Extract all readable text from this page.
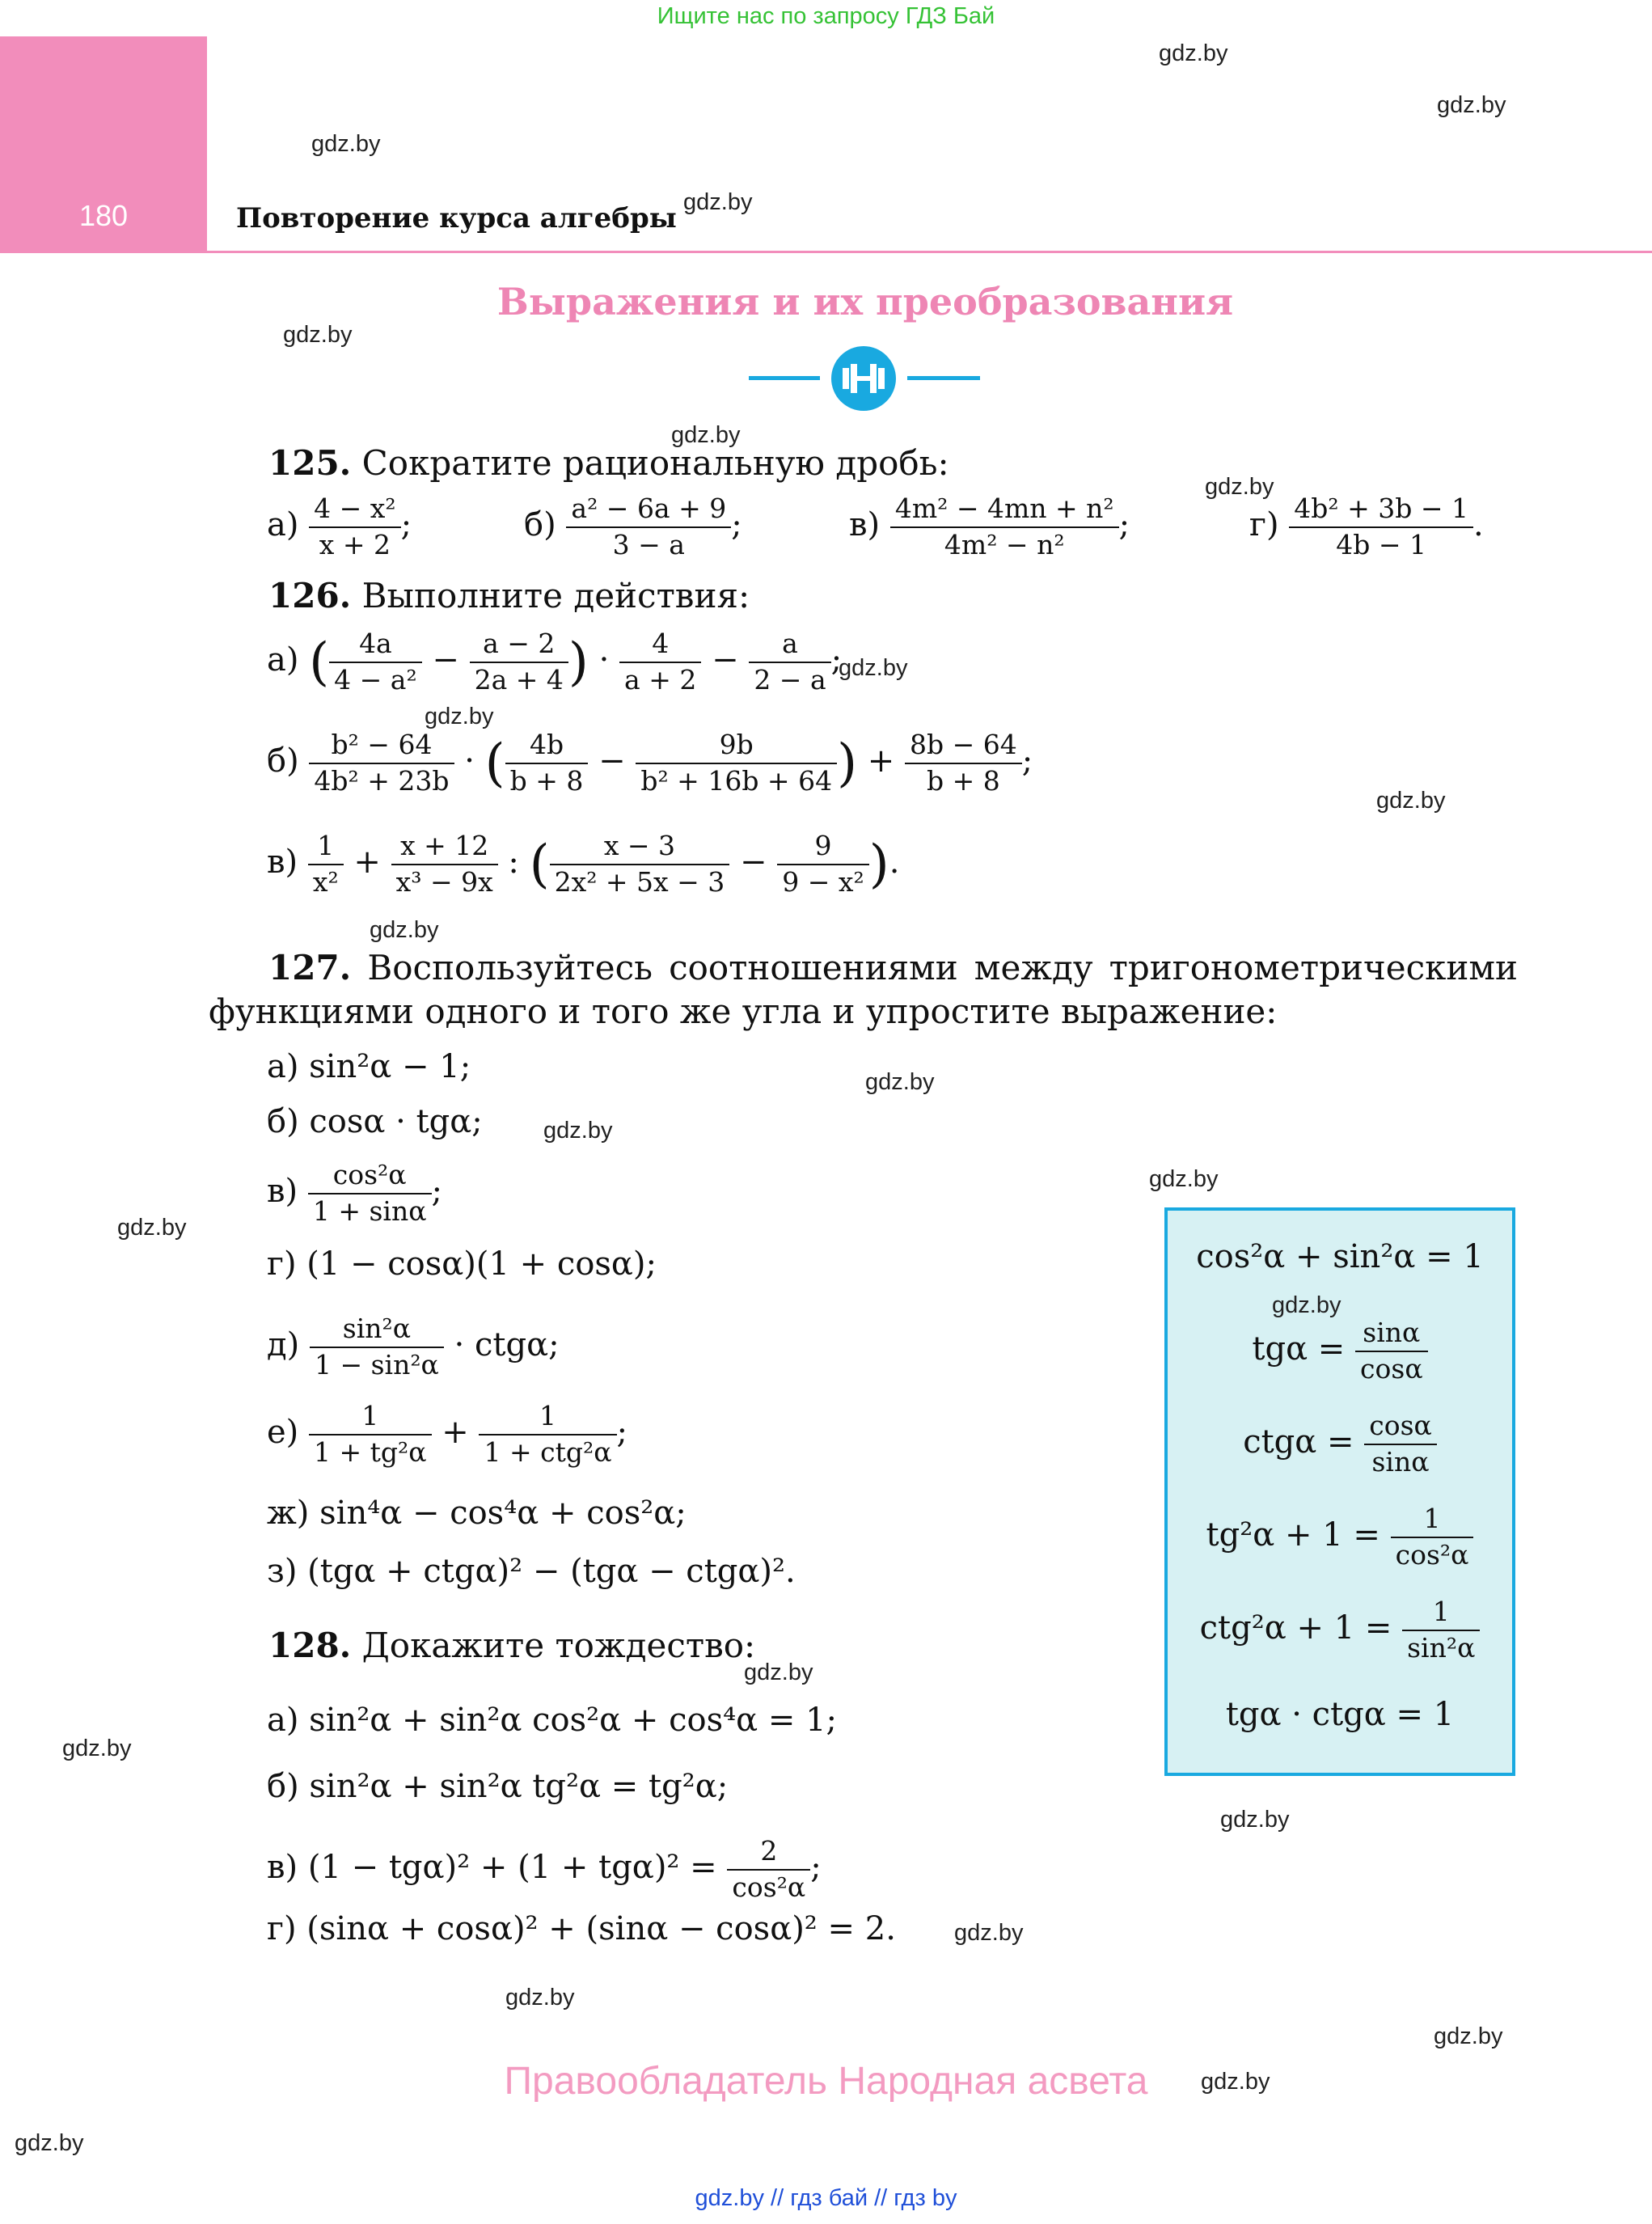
Ищите нас по запросу ГДЗ Бай
180	Повторение курса алгебры
Выражения и их преобразования
125. Сократите рациональную дробь:
$а) \frac{\text{4 − x²}}{x + 2}$ ;	$б) \frac{\text{a² − 6a + 9}}{3 - a}$ ;	$в) \frac{\text{4m² − 4mn + n²}}{\text{4m² − n²}}$ ;	$г) \frac{\text{4b² + 3b − 1}}{4b - 1}$ .
126. Выполните действия:
а) ( $\frac{4a}{\text{4 − a²}} - \frac{a - 2}{2a + 4}$ ) · $\frac{4}{a + 2} - \frac{a}{2 - a}$ ;
$б) \frac{\text{b² − 64}}{\text{4b² + 23b}}$ · ( $\frac{4b}{b + 8} - \frac{9b}{\text{b² + 16b + 64}}$ ) + $\frac{8b - 64}{b + 8}$ ;
$в) \frac{1}{\text{x²}} + \frac{x + 12}{\text{x³ − 9x}}$ : ( $\frac{x - 3}{\text{2x² + 5x − 3}} - \frac{9}{\text{9 − x²}}$ ).
127. Воспользуйтесь соотношениями между тригонометрическими
функциями одного и того же угла и упростите выражение:
а) sin²α − 1;
б) cosα · tgα;
$в) \frac{\text{cos²α}}{1 + \sin\alpha}$ ;
г) (1 − cosα)(1 + cosα);
$д) \frac{\text{sin²α}}{\text{1 − sin²α}} \cdot ctg\alpha$;
$е) \frac{1}{\text{1 + tg²α}} + \frac{1}{\text{1 + ctg²α}}$ ;
ж) sin⁴α − cos⁴α + cos²α;
з) (tgα + ctgα)² − (tgα − ctgα)².
128. Докажите тождество:
а) sin²α + sin²α cos²α + cos⁴α = 1;
б) sin²α + sin²α tg²α = tg²α;
в) $(1 - tg\alpha)^2 + (1 + tg\alpha)^2 = \frac{2}{\text{cos²α}}$ ;
г) (sinα + cosα)² + (sinα − cosα)² = 2.
cos²α + sin²α = 1
$tg\alpha = \frac{\sin\alpha}{\cos\alpha}$
$ctg\alpha = \frac{\cos\alpha}{\sin\alpha}$
$tg^2\alpha + 1 = \frac{1}{\text{cos²α}}$
$ctg^2\alpha + 1 = \frac{1}{\text{sin²α}}$
tgα · ctgα = 1
gdz.by
gdz.by
gdz.by
gdz.by
gdz.by
gdz.by
gdz.by
gdz.by
gdz.by
gdz.by
gdz.by
gdz.by
gdz.by
gdz.by
gdz.by
gdz.by
gdz.by
gdz.by
gdz.by
gdz.by
gdz.by
gdz.by
gdz.by
gdz.by
Правообладатель Народная асвета
gdz.by // гдз бай // гдз by
